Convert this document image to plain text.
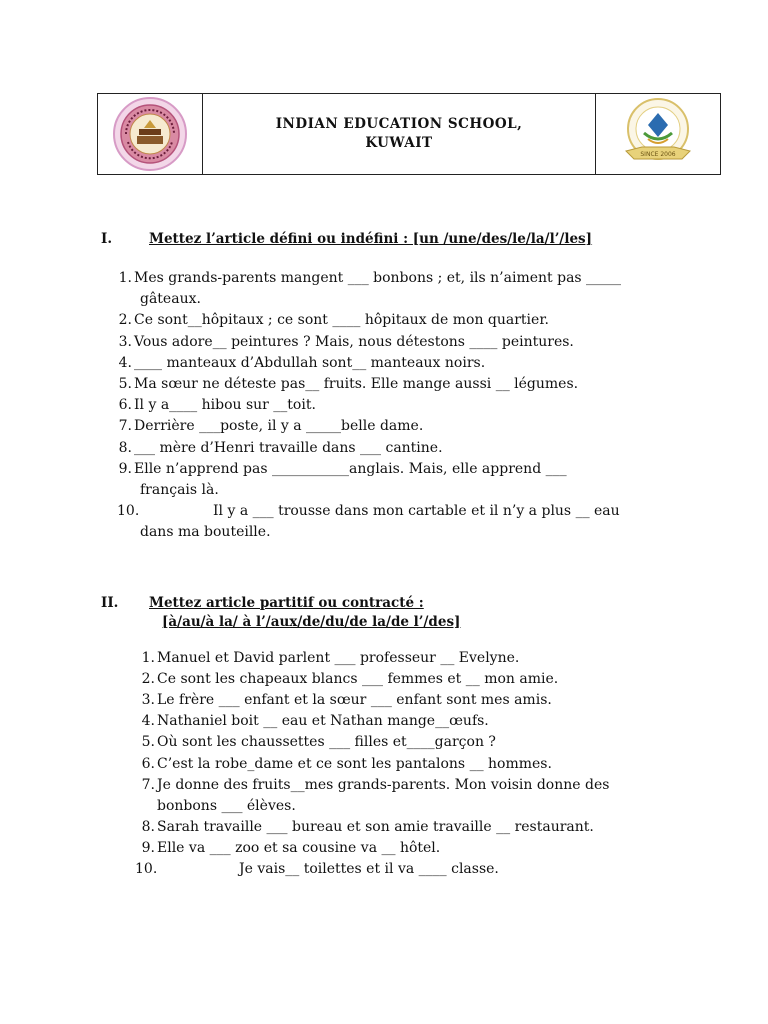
INDIAN EDUCATION SCHOOL,
KUWAIT
SINCE 2006
I.	Mettez l’article défini ou indéfini : [un /une/des/le/la/l’/les]
1. Mes grands-parents mangent ___ bonbons ; et, ils n’aiment pas _____
gâteaux.
2. Ce sont__hôpitaux ; ce sont ____ hôpitaux de mon quartier.
3. Vous adore__ peintures ? Mais, nous détestons ____ peintures.
4. ____ manteaux d’Abdullah sont__ manteaux noirs.
5. Ma sœur ne déteste pas__ fruits. Elle mange aussi __ légumes.
6. Il y a____ hibou sur __toit.
7. Derrière ___poste, il y a _____belle dame.
8. ___ mère d’Henri travaille dans ___ cantine.
9. Elle n’apprend pas ___________anglais. Mais, elle apprend ___
français là.
10.	Il y a ___ trousse dans mon cartable et il n’y a plus __ eau
dans ma bouteille.
II. Mettez article partitif ou contracté :
[à/au/à la/ à l’/aux/de/du/de la/de l’/des]
1. Manuel et David parlent ___ professeur __ Evelyne.
2. Ce sont les chapeaux blancs ___ femmes et __ mon amie.
3. Le frère ___ enfant et la sœur ___ enfant sont mes amis.
4. Nathaniel boit __ eau et Nathan mange__œufs.
5. Où sont les chaussettes ___ filles et____garçon ?
6. C’est la robe_dame et ce sont les pantalons __ hommes.
7. Je donne des fruits__mes grands-parents. Mon voisin donne des
bonbons ___ élèves.
8. Sarah travaille ___ bureau et son amie travaille __ restaurant.
9. Elle va ___ zoo et sa cousine va __ hôtel.
10.	Je vais__ toilettes et il va ____ classe.
